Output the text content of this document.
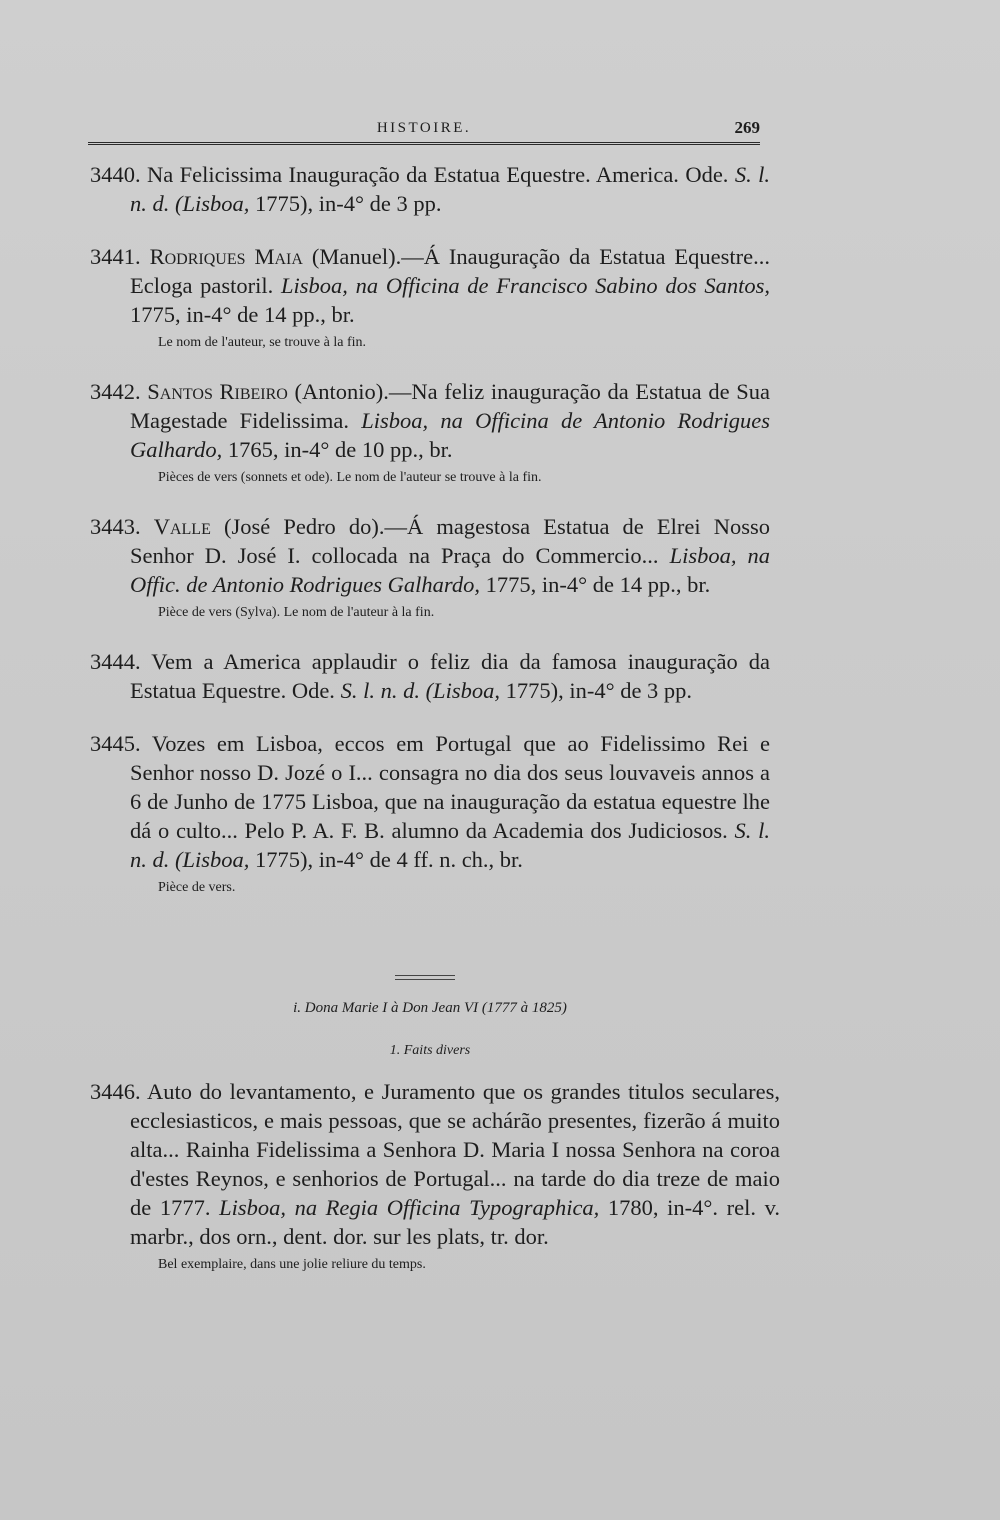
HISTOIRE.	269

3440. Na Felicissima Inauguração da Estatua Equestre. America. Ode. S. l. n. d. (Lisboa, 1775), in-4° de 3 pp.

3441. Rodriques Maia (Manuel).—Á Inauguração da Estatua Equestre... Ecloga pastoril. Lisboa, na Officina de Francisco Sabino dos Santos, 1775, in-4° de 14 pp., br.

Le nom de l'auteur, se trouve à la fin.

3442. Santos Ribeiro (Antonio).—Na feliz inauguração da Estatua de Sua Magestade Fidelissima. Lisboa, na Officina de Antonio Rodrigues Galhardo, 1765, in-4° de 10 pp., br.

Pièces de vers (sonnets et ode). Le nom de l'auteur se trouve à la fin.

3443. Valle (José Pedro do).—Á magestosa Estatua de Elrei Nosso Senhor D. José I. collocada na Praça do Commercio... Lisboa, na Offic. de Antonio Rodrigues Galhardo, 1775, in-4° de 14 pp., br.

Pièce de vers (Sylva). Le nom de l'auteur à la fin.

3444. Vem a America applaudir o feliz dia da famosa inauguração da Estatua Equestre. Ode. S. l. n. d. (Lisboa, 1775), in-4° de 3 pp.

3445. Vozes em Lisboa, eccos em Portugal que ao Fidelissimo Rei e Senhor nosso D. Jozé o I... consagra no dia dos seus louvaveis annos a 6 de Junho de 1775 Lisboa, que na inauguração da estatua equestre lhe dá o culto... Pelo P. A. F. B. alumno da Academia dos Judiciosos. S. l. n. d. (Lisboa, 1775), in-4° de 4 ff. n. ch., br.

Pièce de vers.

i. Dona Marie I à Don Jean VI (1777 à 1825)
1. Faits divers

3446. Auto do levantamento, e Juramento que os grandes titulos seculares, ecclesiasticos, e mais pessoas, que se achárão presentes, fizerão á muito alta... Rainha Fidelissima a Senhora D. Maria I nossa Senhora na coroa d'estes Reynos, e senhorios de Portugal... na tarde do dia treze de maio de 1777. Lisboa, na Regia Officina Typographica, 1780, in-4°. rel. v. marbr., dos orn., dent. dor. sur les plats, tr. dor.

Bel exemplaire, dans une jolie reliure du temps.
